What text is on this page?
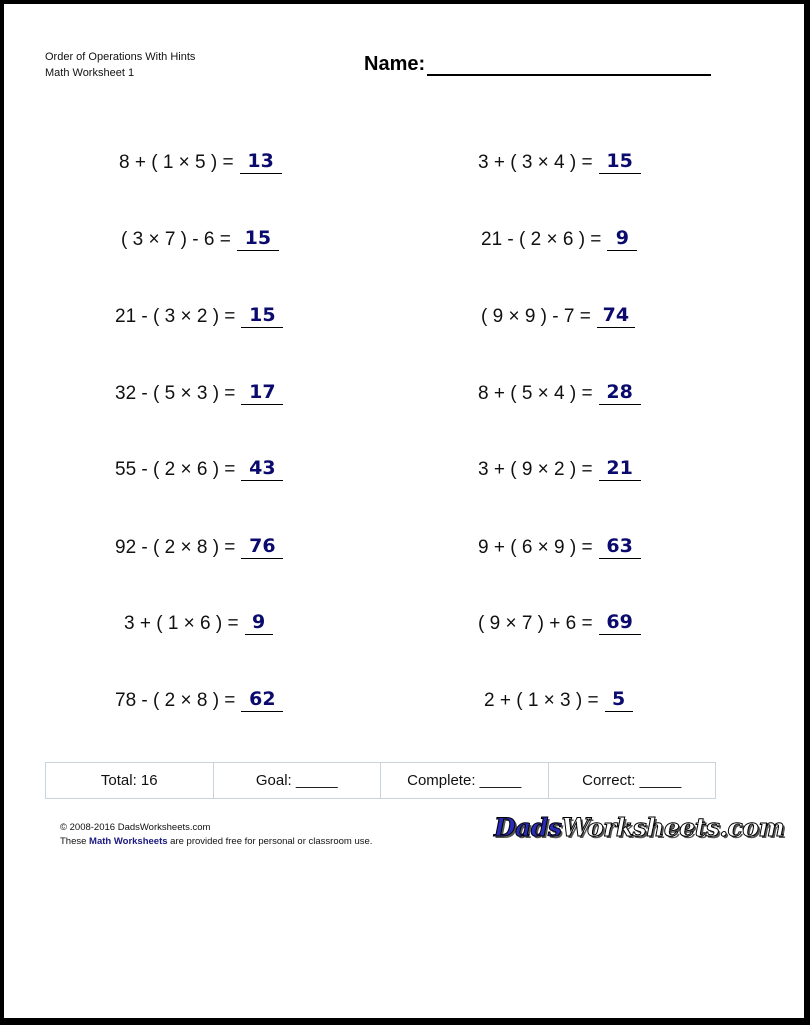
Order of Operations With Hints
Math Worksheet 1	Name:
8 + ( 1 × 5 ) = 13
( 3 × 7 ) - 6 = 15
21 - ( 3 × 2 ) = 15
32 - ( 5 × 3 ) = 17
55 - ( 2 × 6 ) = 43
92 - ( 2 × 8 ) = 76
3 + ( 1 × 6 ) = 9
78 - ( 2 × 8 ) = 62
3 + ( 3 × 4 ) = 15
21 - ( 2 × 6 ) = 9
( 9 × 9 ) - 7 = 74
8 + ( 5 × 4 ) = 28
3 + ( 9 × 2 ) = 21
9 + ( 6 × 9 ) = 63
( 9 × 7 ) + 6 = 69
2 + ( 1 × 3 ) = 5
Total: 16	Goal: _____	Complete: _____	Correct: _____
© 2008-2016 DadsWorksheets.com
These Math Worksheets are provided free for personal or classroom use.	DadsWorksheets.com
